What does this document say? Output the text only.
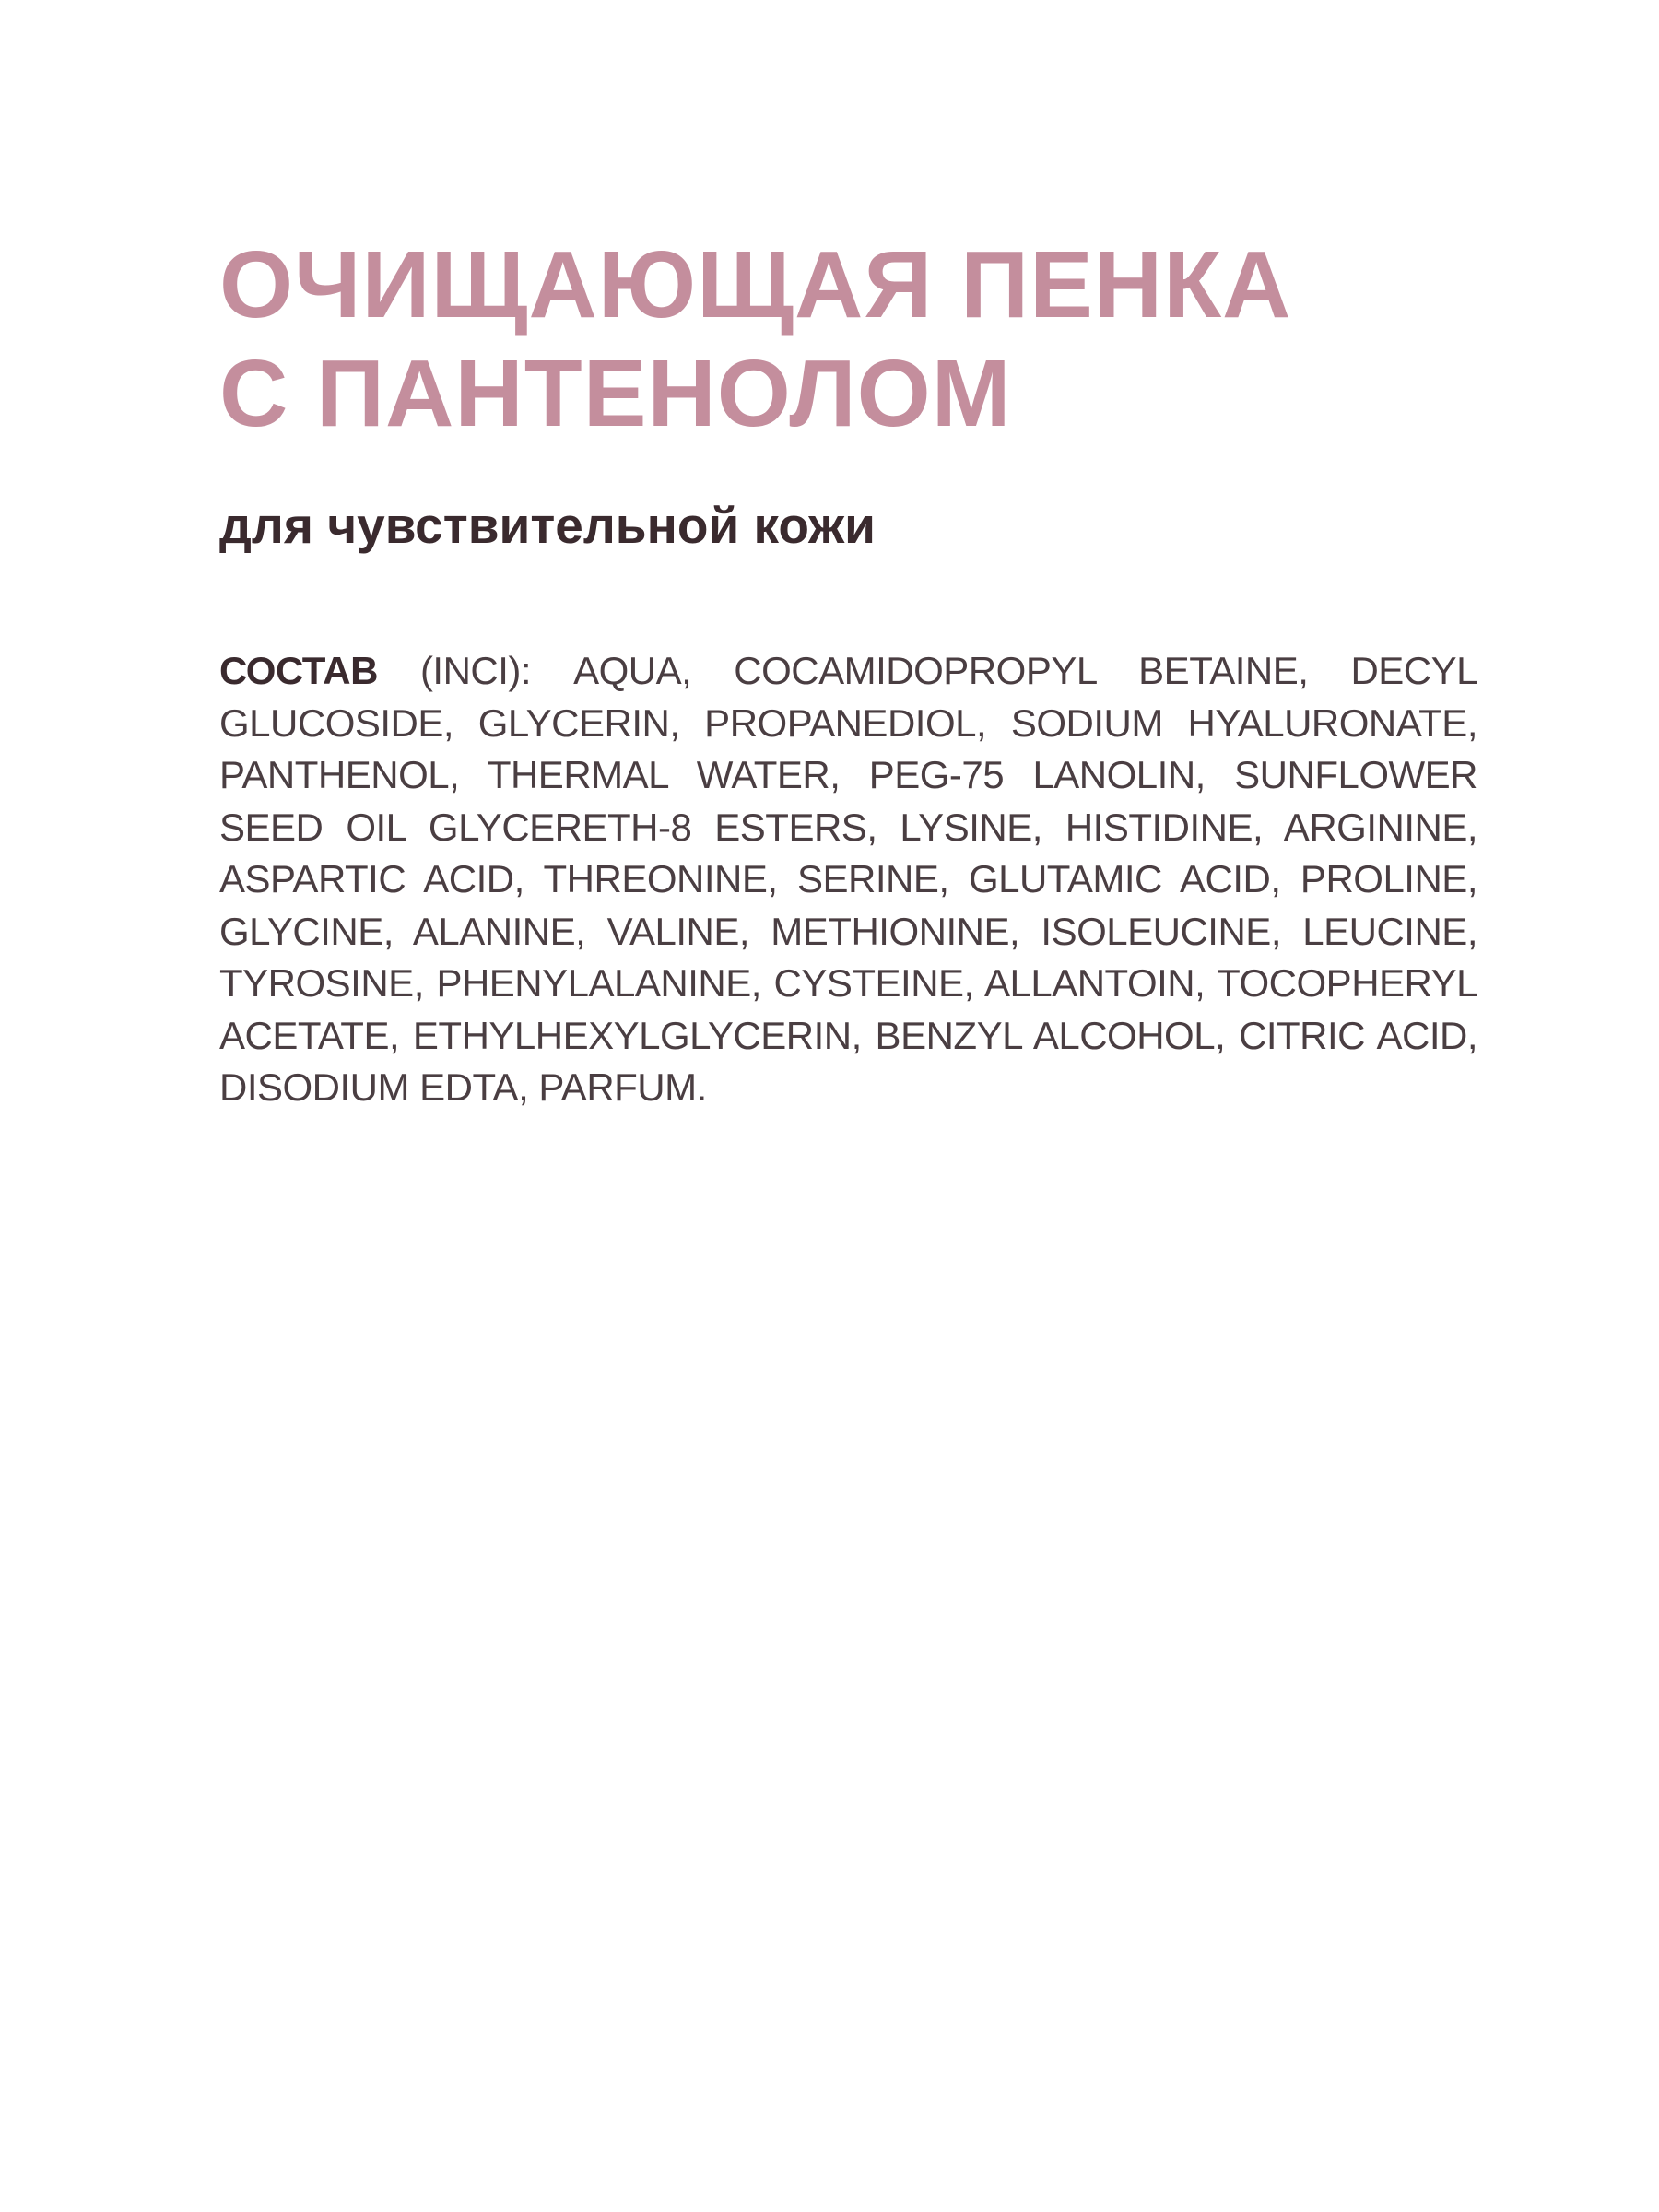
ОЧИЩАЮЩАЯ ПЕНКА
С ПАНТЕНОЛОМ
для чувствительной кожи

СОСТАВ (INCI): AQUA, COCAMIDOPROPYL BETAINE, DECYL GLUCOSIDE, GLYCERIN, PROPANEDIOL, SODIUM HYALURONATE, PANTHENOL, THERMAL WATER, PEG-75 LANOLIN, SUNFLOWER SEED OIL GLYCERETH-8 ESTERS, LYSINE, HISTIDINE, ARGININE, ASPARTIC ACID, THREONINE, SERINE, GLUTAMIC ACID, PROLINE, GLYCINE, ALANINE, VALINE, METHIONINE, ISOLEUCINE, LEUCINE, TYROSINE, PHENYLALANINE, CYSTEINE, ALLANTOIN, TOCOPHERYL ACETATE, ETHYLHEXYLGLYCERIN, BENZYL ALCOHOL, CITRIC ACID, DISODIUM EDTA, PARFUM.
